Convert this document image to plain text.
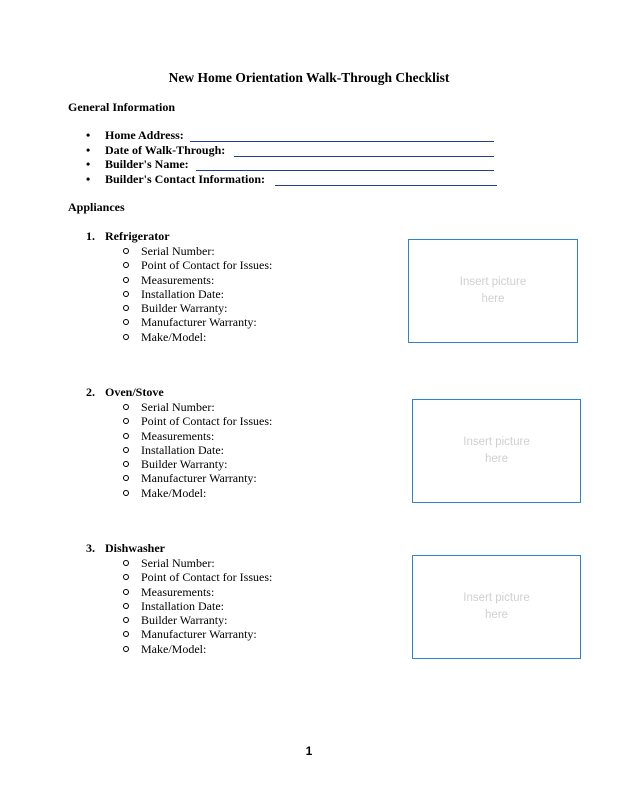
New Home Orientation Walk-Through Checklist
General Information
• Home Address:
• Date of Walk-Through:
• Builder's Name:
• Builder's Contact Information:
Appliances
1. Refrigerator
Serial Number:
Point of Contact for Issues:
Measurements:
Installation Date:
Builder Warranty:
Manufacturer Warranty:
Make/Model:
Insert picture here
2. Oven/Stove
Serial Number:
Point of Contact for Issues:
Measurements:
Installation Date:
Builder Warranty:
Manufacturer Warranty:
Make/Model:
Insert picture here
3. Dishwasher
Serial Number:
Point of Contact for Issues:
Measurements:
Installation Date:
Builder Warranty:
Manufacturer Warranty:
Make/Model:
Insert picture here
1
